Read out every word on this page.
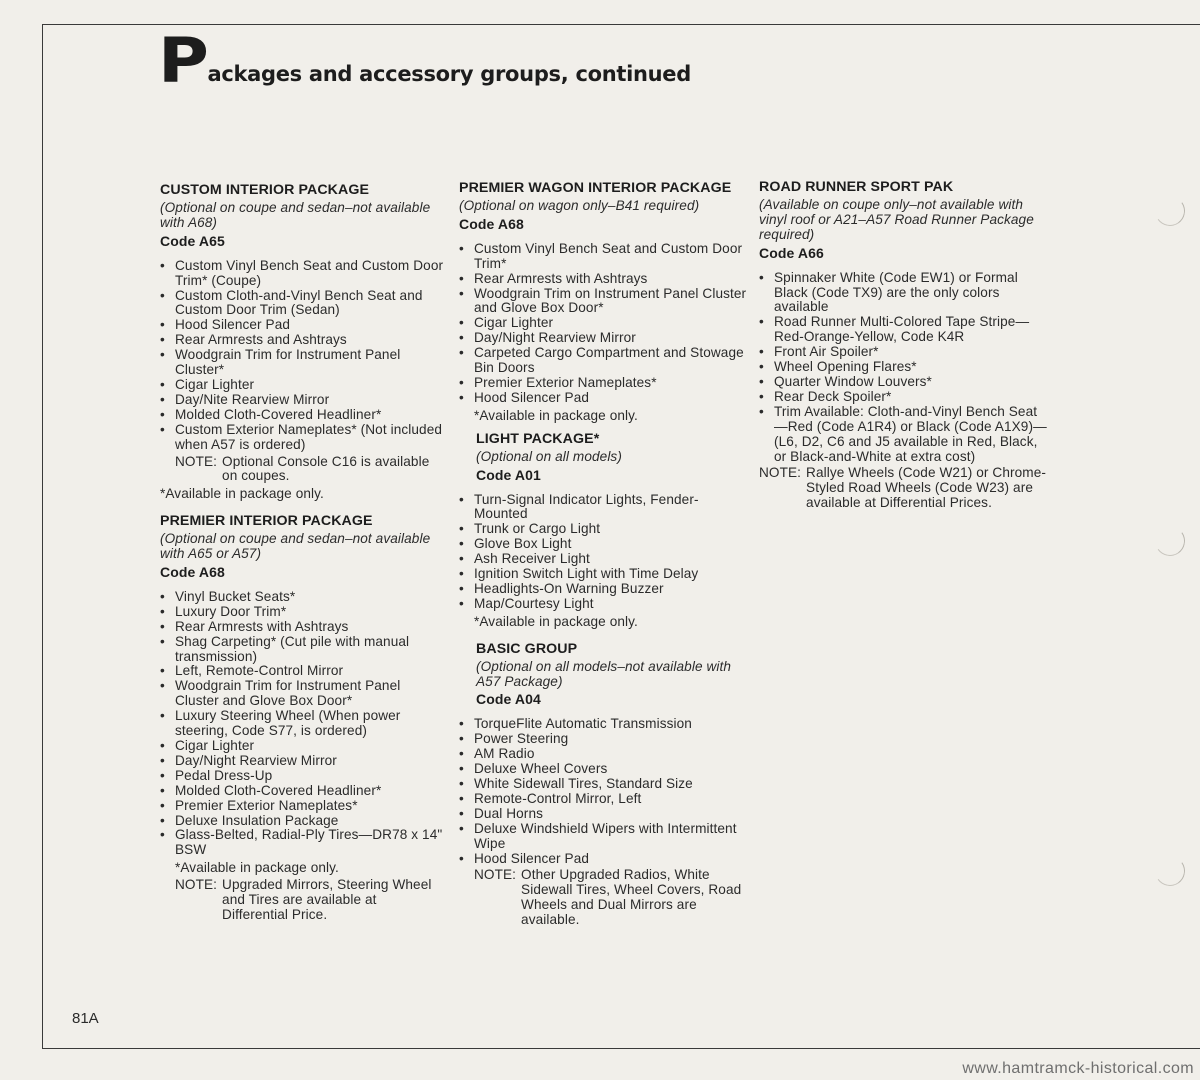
P ackages and accessory groups, continued
CUSTOM INTERIOR PACKAGE
(Optional on coupe and sedan–not available with A68)
Code A65
• Custom Vinyl Bench Seat and Custom Door Trim* (Coupe)
• Custom Cloth-and-Vinyl Bench Seat and Custom Door Trim (Sedan)
• Hood Silencer Pad
• Rear Armrests and Ashtrays
• Woodgrain Trim for Instrument Panel Cluster*
• Cigar Lighter
• Day/Nite Rearview Mirror
• Molded Cloth-Covered Headliner*
• Custom Exterior Nameplates* (Not included when A57 is ordered)
NOTE: Optional Console C16 is available on coupes.
*Available in package only.
PREMIER INTERIOR PACKAGE
(Optional on coupe and sedan–not available with A65 or A57)
Code A68
• Vinyl Bucket Seats*
• Luxury Door Trim*
• Rear Armrests with Ashtrays
• Shag Carpeting* (Cut pile with manual transmission)
• Left, Remote-Control Mirror
• Woodgrain Trim for Instrument Panel Cluster and Glove Box Door*
• Luxury Steering Wheel (When power steering, Code S77, is ordered)
• Cigar Lighter
• Day/Night Rearview Mirror
• Pedal Dress-Up
• Molded Cloth-Covered Headliner*
• Premier Exterior Nameplates*
• Deluxe Insulation Package
• Glass-Belted, Radial-Ply Tires—DR78 x 14" BSW
*Available in package only.
NOTE: Upgraded Mirrors, Steering Wheel and Tires are available at Differential Price.
PREMIER WAGON INTERIOR PACKAGE
(Optional on wagon only–B41 required)
Code A68
• Custom Vinyl Bench Seat and Custom Door Trim*
• Rear Armrests with Ashtrays
• Woodgrain Trim on Instrument Panel Cluster and Glove Box Door*
• Cigar Lighter
• Day/Night Rearview Mirror
• Carpeted Cargo Compartment and Stowage Bin Doors
• Premier Exterior Nameplates*
• Hood Silencer Pad
*Available in package only.
LIGHT PACKAGE*
(Optional on all models)
Code A01
• Turn-Signal Indicator Lights, Fender-Mounted
• Trunk or Cargo Light
• Glove Box Light
• Ash Receiver Light
• Ignition Switch Light with Time Delay
• Headlights-On Warning Buzzer
• Map/Courtesy Light
*Available in package only.
BASIC GROUP
(Optional on all models–not available with A57 Package)
Code A04
• TorqueFlite Automatic Transmission
• Power Steering
• AM Radio
• Deluxe Wheel Covers
• White Sidewall Tires, Standard Size
• Remote-Control Mirror, Left
• Dual Horns
• Deluxe Windshield Wipers with Intermittent Wipe
• Hood Silencer Pad
NOTE: Other Upgraded Radios, White Sidewall Tires, Wheel Covers, Road Wheels and Dual Mirrors are available.
ROAD RUNNER SPORT PAK
(Available on coupe only–not available with vinyl roof or A21–A57 Road Runner Package required)
Code A66
• Spinnaker White (Code EW1) or Formal Black (Code TX9) are the only colors available
• Road Runner Multi-Colored Tape Stripe—Red-Orange-Yellow, Code K4R
• Front Air Spoiler*
• Wheel Opening Flares*
• Quarter Window Louvers*
• Rear Deck Spoiler*
• Trim Available: Cloth-and-Vinyl Bench Seat—Red (Code A1R4) or Black (Code A1X9)—(L6, D2, C6 and J5 available in Red, Black, or Black-and-White at extra cost)
NOTE: Rallye Wheels (Code W21) or Chrome-Styled Road Wheels (Code W23) are available at Differential Prices.
81A
www.hamtramck-historical.com
